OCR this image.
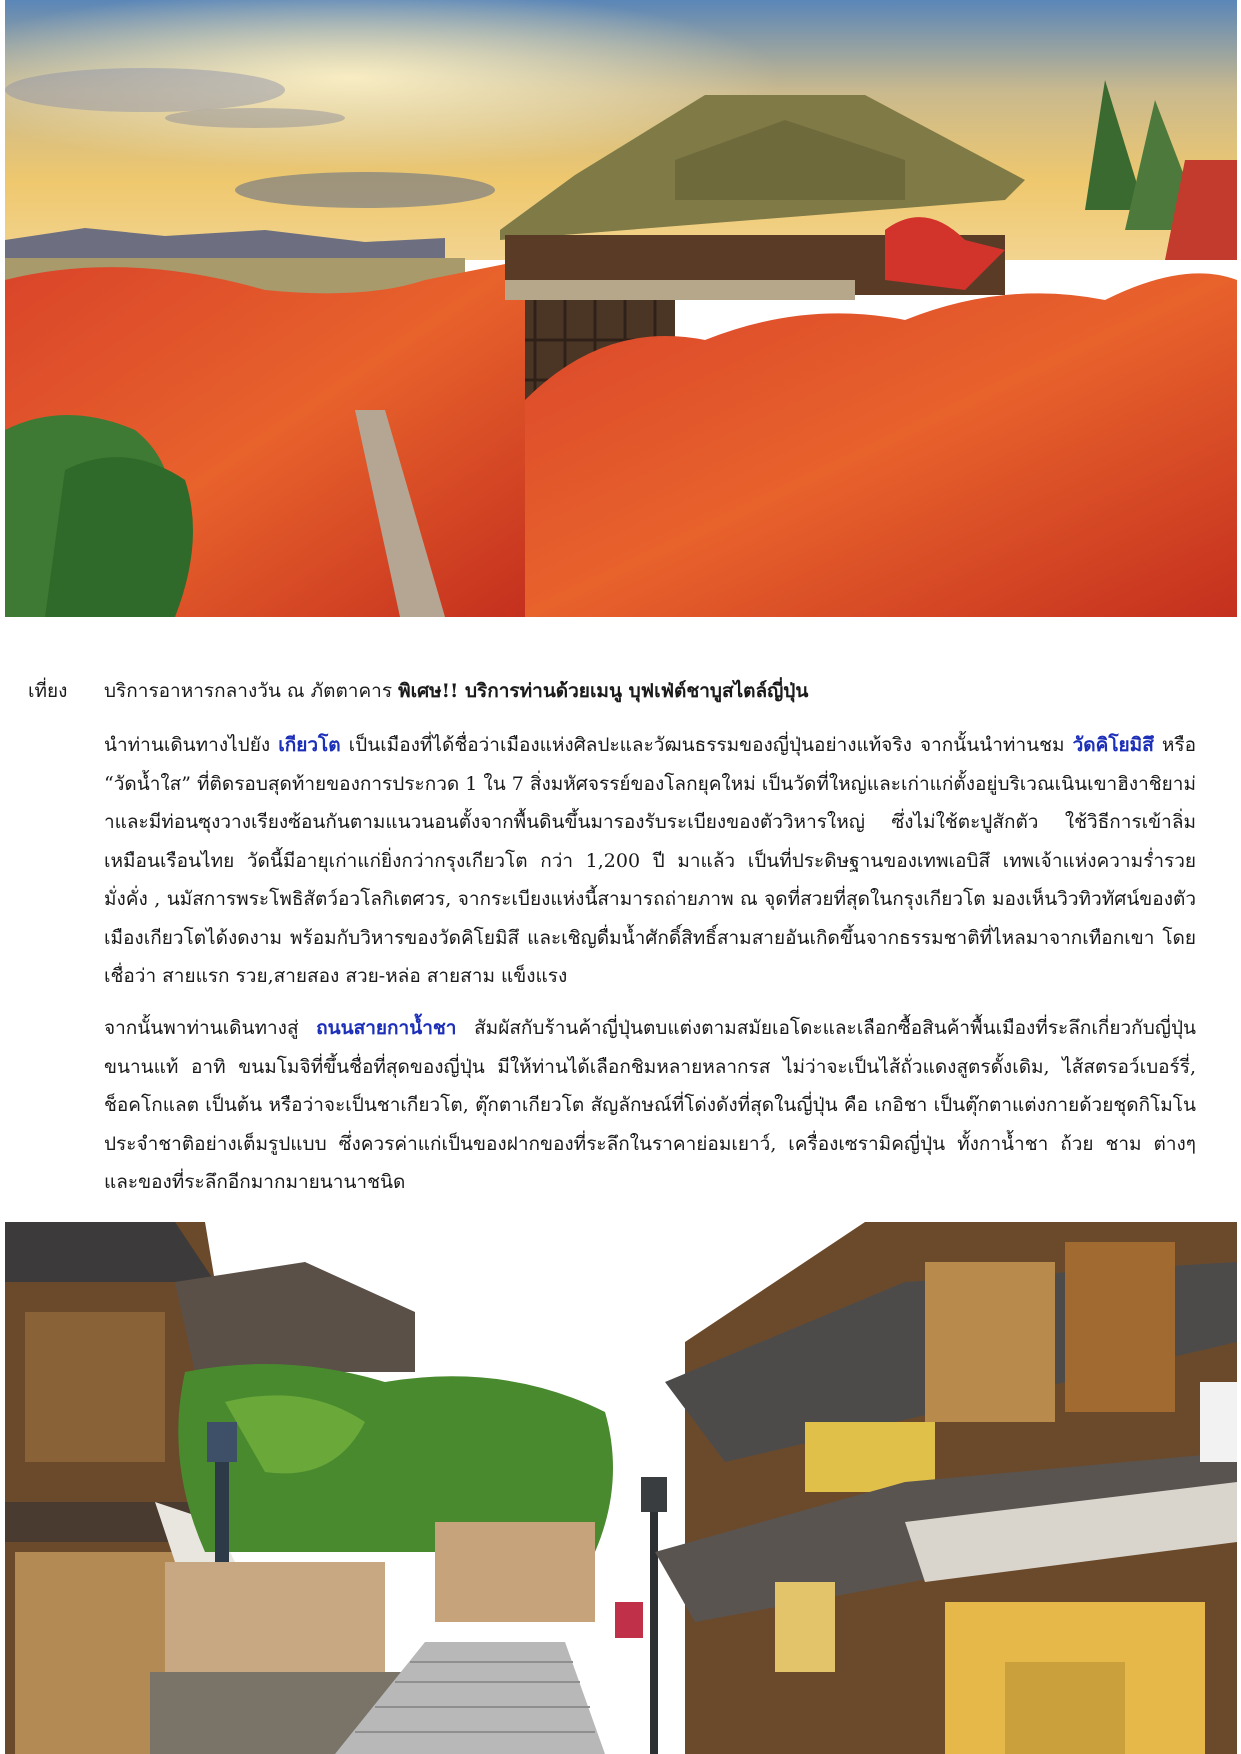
เที่ยง บริการอาหารกลางวัน ณ ภัตตาคาร พิเศษ!! บริการท่านด้วยเมนู บุฟเฟ่ต์ชาบูสไตล์ญี่ปุ่น
นำท่านเดินทางไปยัง เกียวโต เป็นเมืองที่ได้ชื่อว่าเมืองแห่งศิลปะและวัฒนธรรมของญี่ปุ่นอย่างแท้จริง จากนั้นนำท่านชม วัดคิโยมิสึ หรือ “วัดน้ำใส” ที่ติดรอบสุดท้ายของการประกวด 1 ใน 7 สิ่งมหัศจรรย์ของโลกยุคใหม่ เป็นวัดที่ใหญ่และเก่าแก่ตั้งอยู่บริเวณเนินเขาฮิงาชิยาม่าและมีท่อนซุงวางเรียงซ้อนกันตามแนวนอนตั้งจากพื้นดินขึ้นมารองรับระเบียงของตัววิหารใหญ่ ซึ่งไม่ใช้ตะปูสักตัว ใช้วิธีการเข้าลิ่มเหมือนเรือนไทย วัดนี้มีอายุเก่าแก่ยิ่งกว่ากรุงเกียวโต กว่า 1,200 ปี มาแล้ว เป็นที่ประดิษฐานของเทพเอบิสึ เทพเจ้าแห่งความร่ำรวย มั่งคั่ง , นมัสการพระโพธิสัตว์อวโลกิเตศวร, จากระเบียงแห่งนี้สามารถถ่ายภาพ ณ จุดที่สวยที่สุดในกรุงเกียวโต มองเห็นวิวทิวทัศน์ของตัวเมืองเกียวโตได้งดงาม พร้อมกับวิหารของวัดคิโยมิสึ และเชิญดื่มน้ำศักดิ์สิทธิ์สามสายอันเกิดขึ้นจากธรรมชาติที่ไหลมาจากเทือกเขา โดยเชื่อว่า สายแรก รวย,สายสอง สวย-หล่อ สายสาม แข็งแรง
จากนั้นพาท่านเดินทางสู่ ถนนสายกาน้ำชา สัมผัสกับร้านค้าญี่ปุ่นตบแต่งตามสมัยเอโดะและเลือกซื้อสินค้าพื้นเมืองที่ระลึกเกี่ยวกับญี่ปุ่นขนานแท้ อาทิ ขนมโมจิที่ขึ้นชื่อที่สุดของญี่ปุ่น มีให้ท่านได้เลือกชิมหลายหลากรส ไม่ว่าจะเป็นไส้ถั่วแดงสูตรดั้งเดิม, ไส้สตรอว์เบอร์รี่, ช็อคโกแลต เป็นต้น หรือว่าจะเป็นชาเกียวโต, ตุ๊กตาเกียวโต สัญลักษณ์ที่โด่งดังที่สุดในญี่ปุ่น คือ เกอิชา เป็นตุ๊กตาแต่งกายด้วยชุดกิโมโนประจำชาติอย่างเต็มรูปแบบ ซึ่งควรค่าแก่เป็นของฝากของที่ระลึกในราคาย่อมเยาว์, เครื่องเซรามิคญี่ปุ่น ทั้งกาน้ำชา ถ้วย ชาม ต่างๆ และของที่ระลึกอีกมากมายนานาชนิด
